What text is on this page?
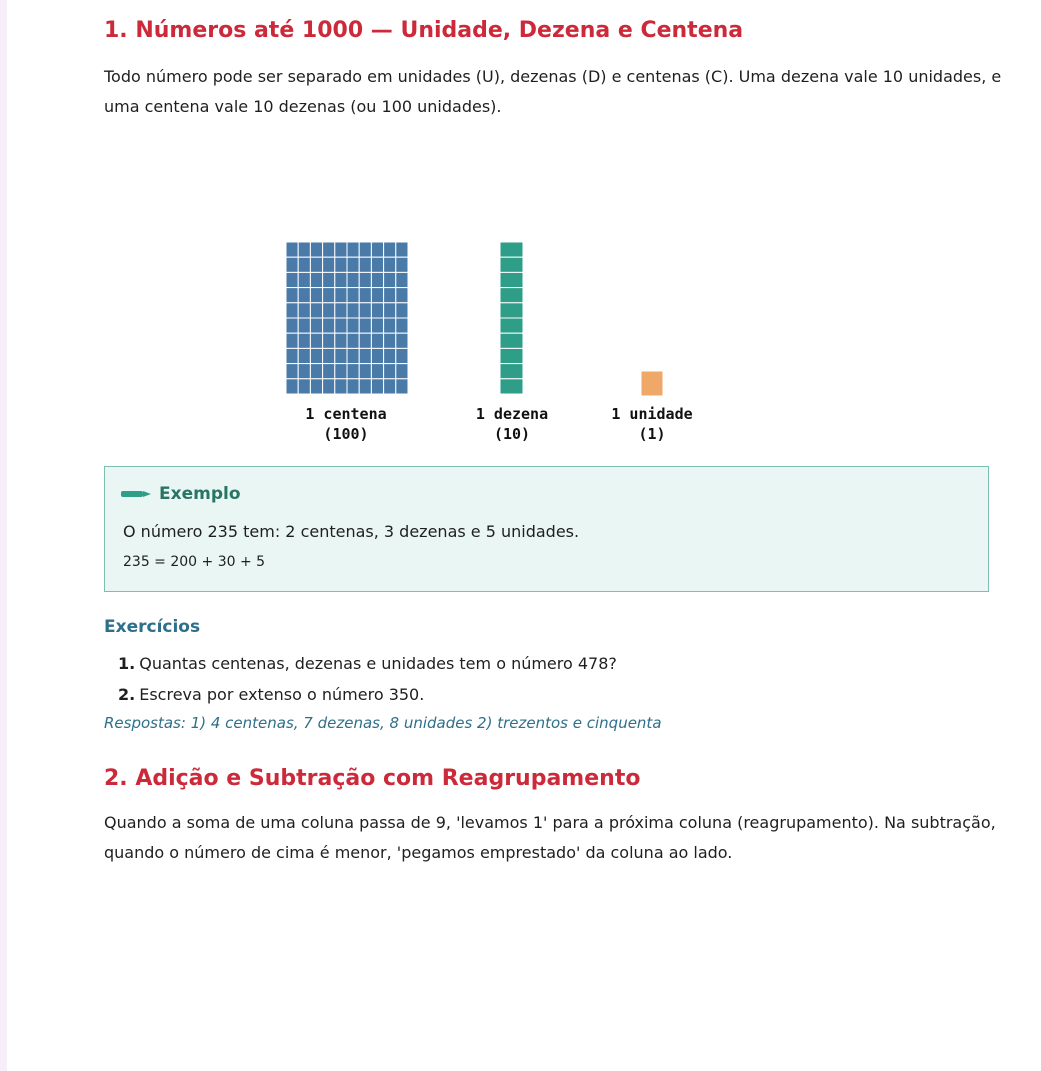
1. Números até 1000 — Unidade, Dezena e Centena

Todo número pode ser separado em unidades (U), dezenas (D) e centenas (C). Uma dezena vale 10 unidades, e uma centena vale 10 dezenas (ou 100 unidades).

1 centena
(100)
1 dezena
(10)
1 unidade
(1)
Exemplo

O número 235 tem: 2 centenas, 3 dezenas e 5 unidades.

235 = 200 + 30 + 5

Exercícios
1. Quantas centenas, dezenas e unidades tem o número 478?
2. Escreva por extenso o número 350.

Respostas: 1) 4 centenas, 7 dezenas, 8 unidades 2) trezentos e cinquenta

2. Adição e Subtração com Reagrupamento

Quando a soma de uma coluna passa de 9, 'levamos 1' para a próxima coluna (reagrupamento). Na subtração, quando o número de cima é menor, 'pegamos emprestado' da coluna ao lado.
